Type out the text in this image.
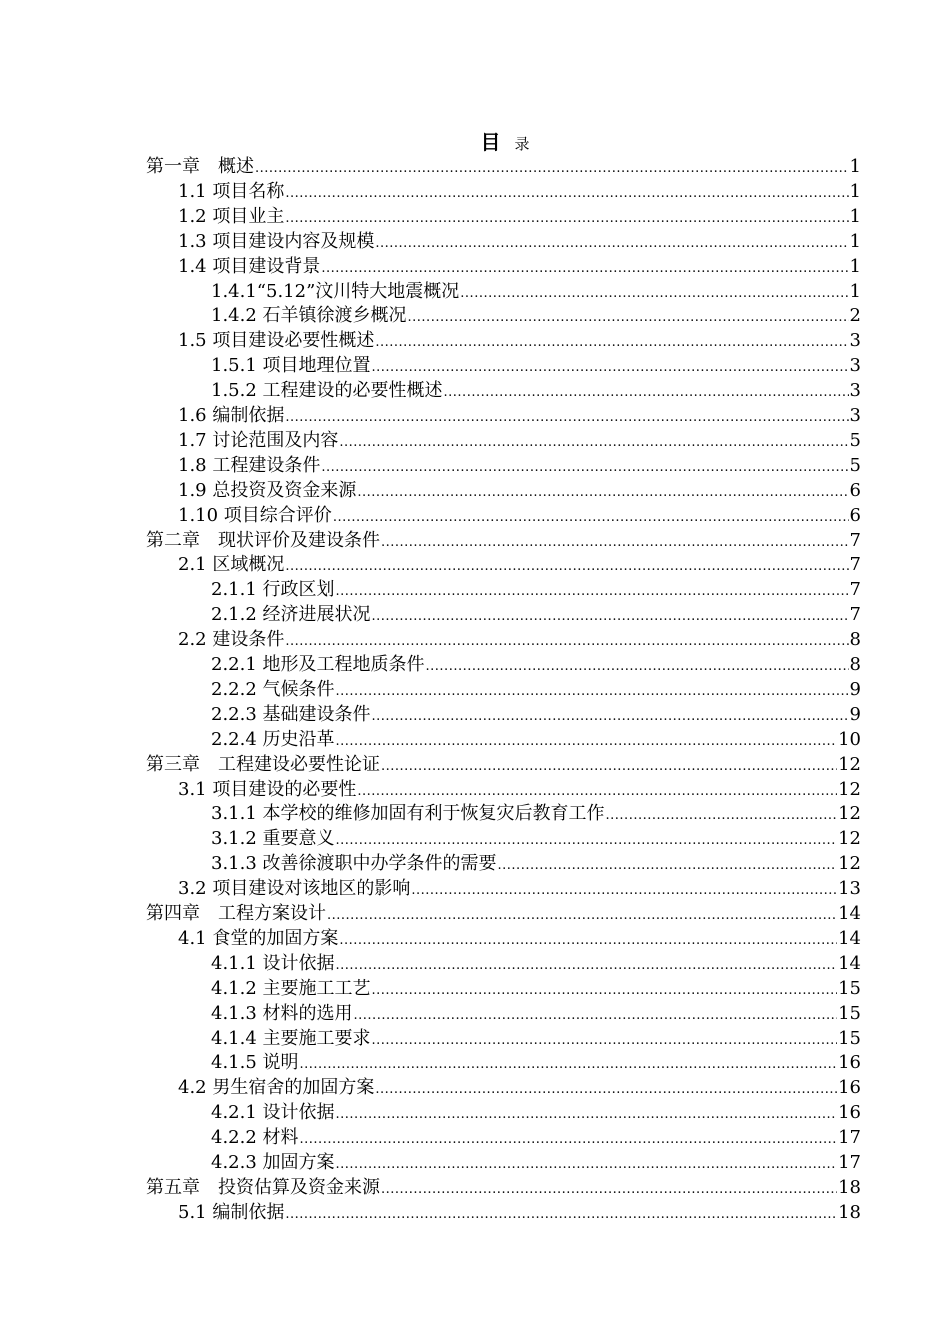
目 录
第一章　概述 .....	1
1.1 项目名称 .....	1
1.2 项目业主 .....	1
1.3 项目建设内容及规模 .....	1
1.4 项目建设背景 .....	1
1.4.1“5.12”汶川特大地震概况 .....	1
1.4.2 石羊镇徐渡乡概况 .....	2
1.5 项目建设必要性概述 .....	3
1.5.1 项目地理位置 .....	3
1.5.2 工程建设的必要性概述 .....	3
1.6 编制依据 .....	3
1.7 讨论范围及内容 .....	5
1.8 工程建设条件 .....	5
1.9 总投资及资金来源 .....	6
1.10 项目综合评价 .....	6
第二章　现状评价及建设条件 .....	7
2.1 区域概况 .....	7
2.1.1 行政区划 .....	7
2.1.2 经济进展状况 .....	7
2.2 建设条件 .....	8
2.2.1 地形及工程地质条件 .....	8
2.2.2 气候条件 .....	9
2.2.3 基础建设条件 .....	9
2.2.4 历史沿革 .....	10
第三章　工程建设必要性论证 .....	12
3.1 项目建设的必要性 .....	12
3.1.1 本学校的维修加固有利于恢复灾后教育工作 .....	12
3.1.2 重要意义 .....	12
3.1.3 改善徐渡职中办学条件的需要 .....	12
3.2 项目建设对该地区的影响 .....	13
第四章　工程方案设计 .....	14
4.1 食堂的加固方案 .....	14
4.1.1 设计依据 .....	14
4.1.2 主要施工工艺 .....	15
4.1.3 材料的选用 .....	15
4.1.4 主要施工要求 .....	15
4.1.5 说明 .....	16
4.2 男生宿舍的加固方案 .....	16
4.2.1 设计依据 .....	16
4.2.2 材料 .....	17
4.2.3 加固方案 .....	17
第五章　投资估算及资金来源 .....	18
5.1 编制依据 .....	18
